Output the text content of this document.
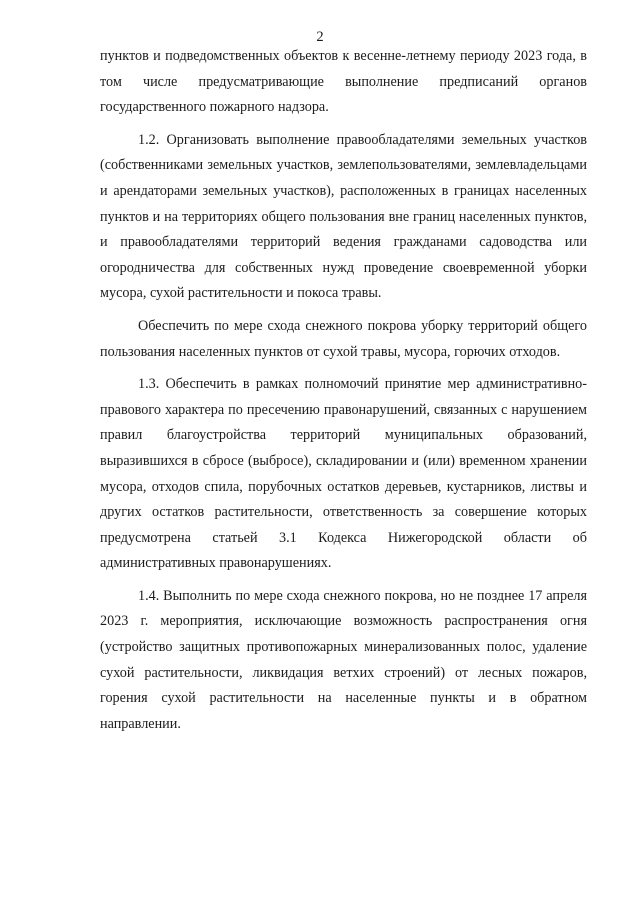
2

пунктов и подведомственных объектов к весенне-летнему периоду 2023 года, в том числе предусматривающие выполнение предписаний органов государственного пожарного надзора.

1.2. Организовать выполнение правообладателями земельных участков (собственниками земельных участков, землепользователями, землевладельцами и арендаторами земельных участков), расположенных в границах населенных пунктов и на территориях общего пользования вне границ населенных пунктов, и правообладателями территорий ведения гражданами садоводства или огородничества для собственных нужд проведение своевременной уборки мусора, сухой растительности и покоса травы.

Обеспечить по мере схода снежного покрова уборку территорий общего пользования населенных пунктов от сухой травы, мусора, горючих отходов.

1.3. Обеспечить в рамках полномочий принятие мер административно-правового характера по пресечению правонарушений, связанных с нарушением правил благоустройства территорий муниципальных образований, выразившихся в сбросе (выбросе), складировании и (или) временном хранении мусора, отходов спила, порубочных остатков деревьев, кустарников, листвы и других остатков растительности, ответственность за совершение которых предусмотрена статьей 3.1 Кодекса Нижегородской области об административных правонарушениях.

1.4. Выполнить по мере схода снежного покрова, но не позднее 17 апреля 2023 г. мероприятия, исключающие возможность распространения огня (устройство защитных противопожарных минерализованных полос, удаление сухой растительности, ликвидация ветхих строений) от лесных пожаров, горения сухой растительности на населенные пункты и в обратном направлении.
